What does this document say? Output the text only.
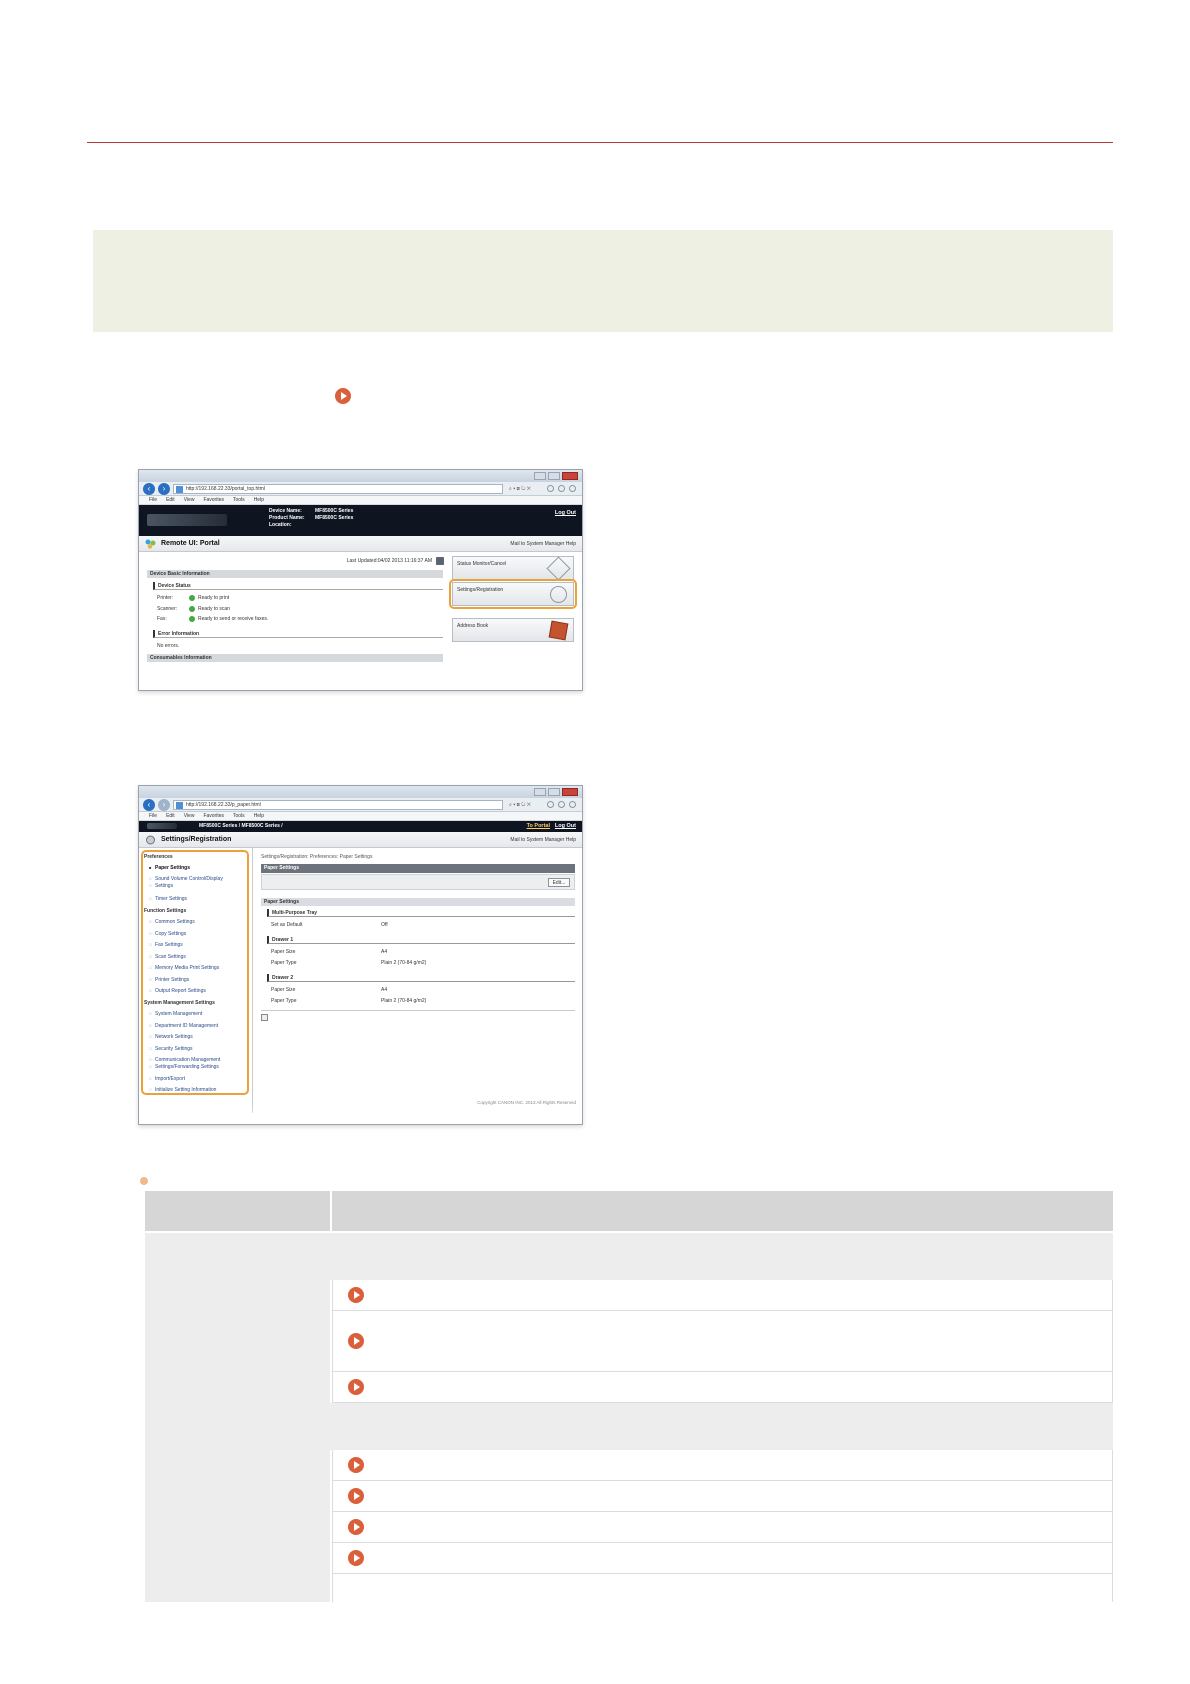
‹	›	http://192.168.22.33/portal_top.html	⌕ ▾ ⊠ ↻ ✕
File Edit View Favorites Tools Help
Device Name:	MF8500C Series
Product Name: MF8500C Series
Location:
Log Out
Remote UI: Portal	Mail to System Manager Help
Last Updated:04/02 2013 11:16:37 AM
Device Basic Information
Device Status
Printer:	Ready to print
Scanner:	Ready to scan
Fax:	Ready to send or receive faxes.
Error Information
No errors.
Consumables Information
Status Monitor/Cancel
Settings/Registration
Address Book
‹	›	http://192.168.22.33/p_paper.html	⌕ ▾ ⊠ ↻ ✕
File Edit View Favorites Tools Help
MF8500C Series / MF8500C Series /	To Portal Log Out
Settings/Registration	Mail to System Manager Help
Preferences
■ Paper Settings
□ Sound Volume Control/Display
□ Settings
□ Timer Settings
Function Settings
□ Common Settings
□ Copy Settings
□ Fax Settings
□ Scan Settings
□ Memory Media Print Settings
□ Printer Settings
□ Output Report Settings
System Management Settings
□ System Management
□ Department ID Management
□ Network Settings
□ Security Settings
□ Communication Management
□ Settings/Forwarding Settings
□ Import/Export
□ Initialize Setting Information
Settings/Registration: Preferences: Paper Settings
Paper Settings
Edit...
Paper Settings
Multi-Purpose Tray
Set as Default	Off
Drawer 1
Paper Size	A4
Paper Type	Plain 2 (70-84 g/m2)
Drawer 2
Paper Size	A4
Paper Type	Plain 2 (70-84 g/m2)
Copyright CANON INC. 2013 All Rights Reserved
